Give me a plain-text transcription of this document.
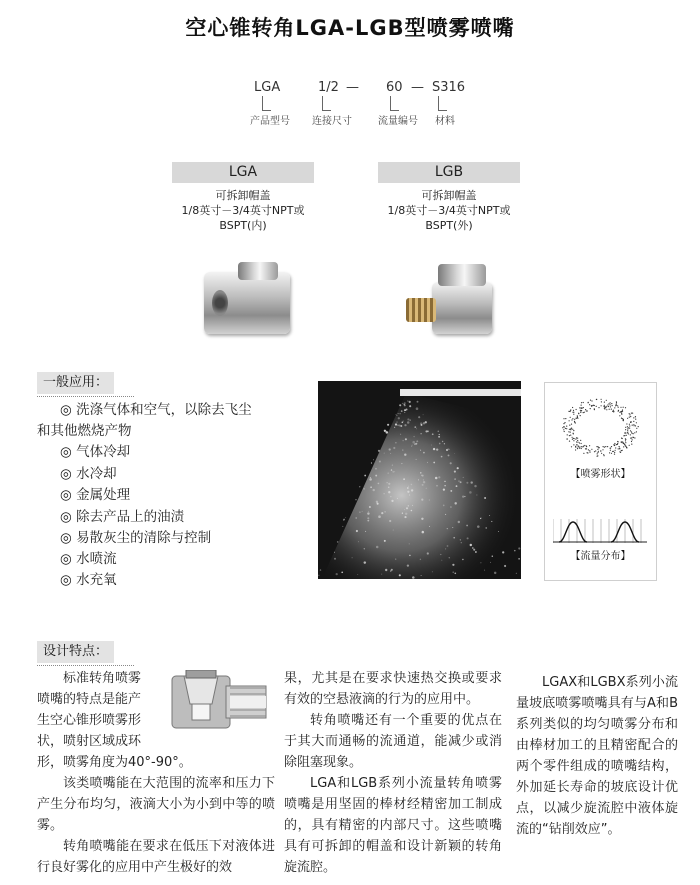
空心锥转角LGA-LGB型喷雾喷嘴
LGA	1/2 — 60 — S316
产品型号 连接尺寸	流量编号 材料
LGA
可拆卸帽盖
1/8英寸－3/4英寸NPT或
BSPT(内)
LGB
可拆卸帽盖
1/8英寸－3/4英寸NPT或
BSPT(外)
一般应用：
◎ 洗涤气体和空气，以除去飞尘
和其他燃烧产物
◎ 气体冷却
◎ 水冷却
◎ 金属处理
◎ 除去产品上的油渍
◎ 易散灰尘的清除与控制
◎ 水喷流
◎ 水充氧
【喷雾形状】
【流量分布】
设计特点：
标准转角喷雾
喷嘴的特点是能产
生空心锥形喷雾形
状，喷射区域成环
形，喷雾角度为40°-90°。

该类喷嘴能在大范围的流率和压力下产生分布均匀，液滴大小为小到中等的喷雾。

转角喷嘴能在要求在低压下对液体进行良好雾化的应用中产生极好的效

果，尤其是在要求快速热交换或要求有效的空悬液滴的行为的应用中。

转角喷嘴还有一个重要的优点在于其大而通畅的流通道，能减少或消除阻塞现象。

LGA和LGB系列小流量转角喷雾喷嘴是用坚固的棒材经精密加工制成的，具有精密的内部尺寸。这些喷嘴具有可拆卸的帽盖和设计新颖的转角旋流腔。

LGAX和LGBX系列小流量坡底喷雾喷嘴具有与A和B系列类似的均匀喷雾分布和由棒材加工的且精密配合的两个零件组成的喷嘴结构，外加延长寿命的坡底设计优点，以减少旋流腔中液体旋流的“钻削效应”。
